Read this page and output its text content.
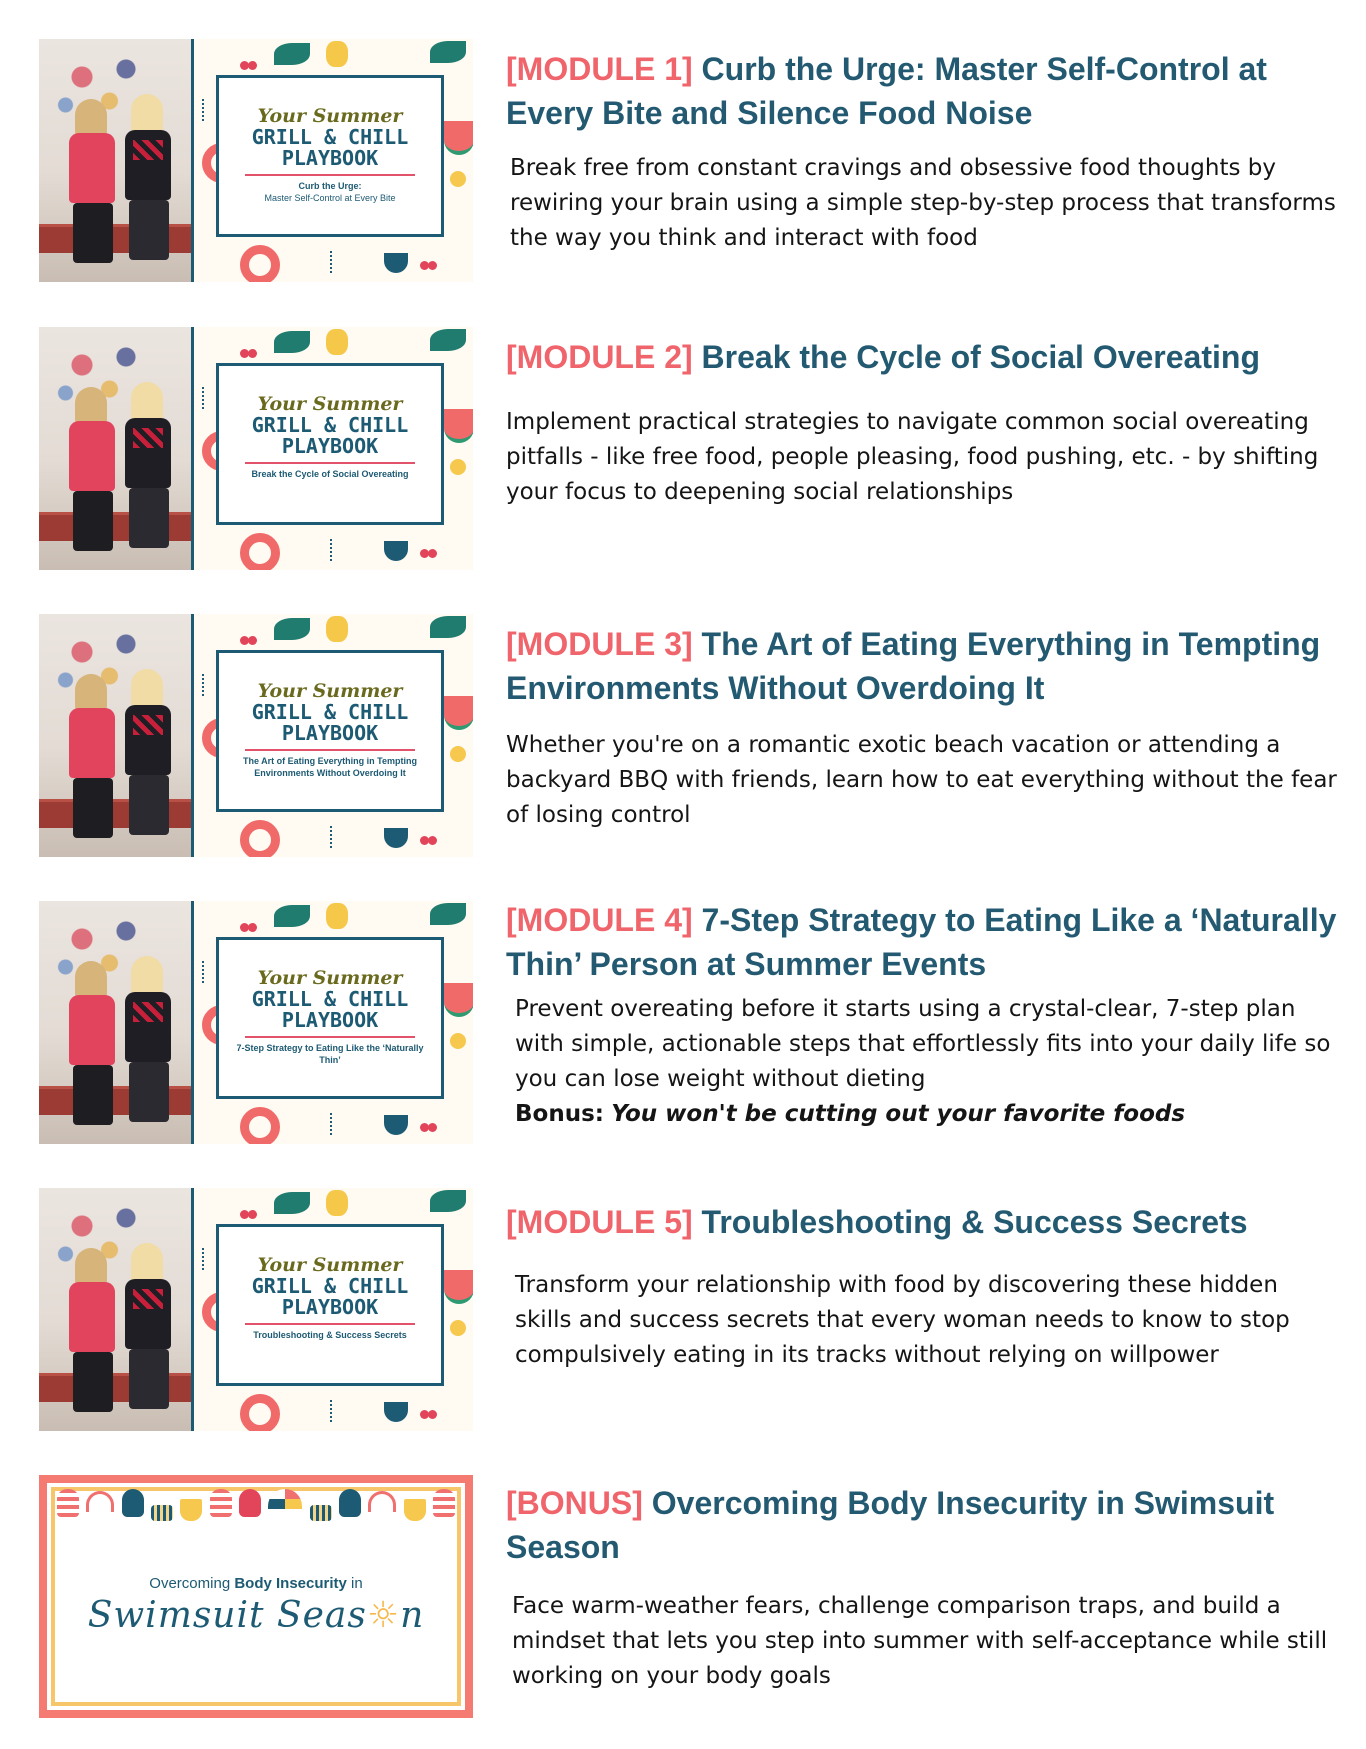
Your Summer
GRILL & CHILL
PLAYBOOK
Curb the Urge:
Master Self-Control at Every Bite

[MODULE 1] Curb the Urge: Master Self-Control at Every Bite and Silence Food Noise

Break free from constant cravings and obsessive food thoughts by rewiring your brain using a simple step-by-step process that transforms the way you think and interact with food

Your Summer
GRILL & CHILL
PLAYBOOK
Break the Cycle of Social Overeating

[MODULE 2] Break the Cycle of Social Overeating

Implement practical strategies to navigate common social overeating pitfalls - like free food, people pleasing, food pushing, etc. - by shifting your focus to deepening social relationships

Your Summer
GRILL & CHILL
PLAYBOOK
The Art of Eating Everything in Tempting Environments Without Overdoing It

[MODULE 3] The Art of Eating Everything in Tempting Environments Without Overdoing It

Whether you're on a romantic exotic beach vacation or attending a backyard BBQ with friends, learn how to eat everything without the fear of losing control

Your Summer
GRILL & CHILL
PLAYBOOK
7-Step Strategy to Eating Like the ‘Naturally Thin’

[MODULE 4] 7-Step Strategy to Eating Like a ‘Naturally Thin’ Person at Summer Events

Prevent overeating before it starts using a crystal-clear, 7-step plan with simple, actionable steps that effortlessly fits into your daily life so you can lose weight without dieting

Bonus: You won't be cutting out your favorite foods

Your Summer
GRILL & CHILL
PLAYBOOK
Troubleshooting & Success Secrets

[MODULE 5] Troubleshooting & Success Secrets

Transform your relationship with food by discovering these hidden skills and success secrets that every woman needs to know to stop compulsively eating in its tracks without relying on willpower

Overcoming Body Insecurity in
Swimsuit Seas☼n

[BONUS] Overcoming Body Insecurity in Swimsuit Season

Face warm-weather fears, challenge comparison traps, and build a mindset that lets you step into summer with self-acceptance while still working on your body goals
